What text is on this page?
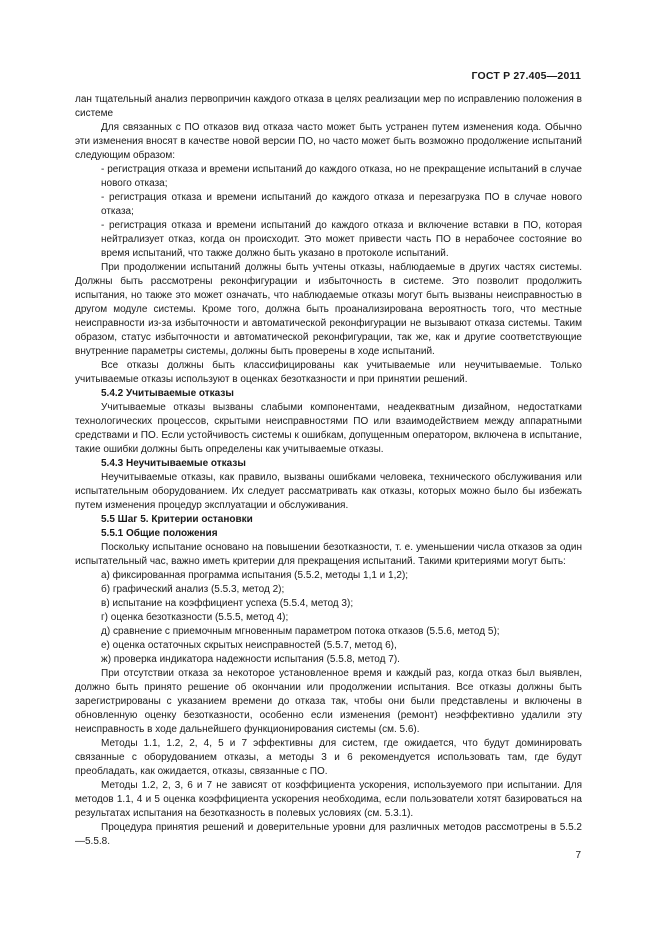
ГОСТ Р 27.405—2011

лан тщательный анализ первопричин каждого отказа в целях реализации мер по исправлению положения в системе

Для связанных с ПО отказов вид отказа часто может быть устранен путем изменения кода. Обычно эти изменения вносят в качестве новой версии ПО, но часто может быть возможно продолжение испытаний следующим образом:

- регистрация отказа и времени испытаний до каждого отказа, но не прекращение испытаний в случае нового отказа;

- регистрация отказа и времени испытаний до каждого отказа и перезагрузка ПО в случае нового отказа;

- регистрация отказа и времени испытаний до каждого отказа и включение вставки в ПО, которая нейтрализует отказ, когда он происходит. Это может привести часть ПО в нерабочее состояние во время испытаний, что также должно быть указано в протоколе испытаний.

При продолжении испытаний должны быть учтены отказы, наблюдаемые в других частях системы. Должны быть рассмотрены реконфигурации и избыточность в системе. Это позволит продолжить испытания, но также это может означать, что наблюдаемые отказы могут быть вызваны неисправностью в другом модуле системы. Кроме того, должна быть проанализирована вероятность того, что местные неисправности из-за избыточности и автоматической реконфигурации не вызывают отказа системы. Таким образом, статус избыточности и автоматической реконфигурации, так же, как и другие соответствующие внутренние параметры системы, должны быть проверены в ходе испытаний.

Все отказы должны быть классифицированы как учитываемые или неучитываемые. Только учитываемые отказы используют в оценках безотказности и при принятии решений.

5.4.2 Учитываемые отказы

Учитываемые отказы вызваны слабыми компонентами, неадекватным дизайном, недостатками технологических процессов, скрытыми неисправностями ПО или взаимодействием между аппаратными средствами и ПО. Если устойчивость системы к ошибкам, допущенным оператором, включена в испытание, такие ошибки должны быть определены как учитываемые отказы.

5.4.3 Неучитываемые отказы

Неучитываемые отказы, как правило, вызваны ошибками человека, технического обслуживания или испытательным оборудованием. Их следует рассматривать как отказы, которых можно было бы избежать путем изменения процедур эксплуатации и обслуживания.

5.5 Шаг 5. Критерии остановки

5.5.1 Общие положения

Поскольку испытание основано на повышении безотказности, т. е. уменьшении числа отказов за один испытательный час, важно иметь критерии для прекращения испытаний. Такими критериями могут быть:

а) фиксированная программа испытания (5.5.2, методы 1,1 и 1,2);

б) графический анализ (5.5.3, метод 2);

в) испытание на коэффициент успеха (5.5.4, метод 3);

г) оценка безотказности (5.5.5, метод 4);

д) сравнение с приемочным мгновенным параметром потока отказов (5.5.6, метод 5);

е) оценка остаточных скрытых неисправностей (5.5.7, метод 6),

ж) проверка индикатора надежности испытания (5.5.8, метод 7).

При отсутствии отказа за некоторое установленное время и каждый раз, когда отказ был выявлен, должно быть принято решение об окончании или продолжении испытания. Все отказы должны быть зарегистрированы с указанием времени до отказа так, чтобы они были представлены и включены в обновленную оценку безотказности, особенно если изменения (ремонт) неэффективно удалили эту неисправность в ходе дальнейшего функционирования системы (см. 5.6).

Методы 1.1, 1.2, 2, 4, 5 и 7 эффективны для систем, где ожидается, что будут доминировать связанные с оборудованием отказы, а методы 3 и 6 рекомендуется использовать там, где будут преобладать, как ожидается, отказы, связанные с ПО.

Методы 1.2, 2, 3, 6 и 7 не зависят от коэффициента ускорения, используемого при испытании. Для методов 1.1, 4 и 5 оценка коэффициента ускорения необходима, если пользователи хотят базироваться на результатах испытания на безотказность в полевых условиях (см. 5.3.1).

Процедура принятия решений и доверительные уровни для различных методов рассмотрены в 5.5.2—5.5.8.

7
